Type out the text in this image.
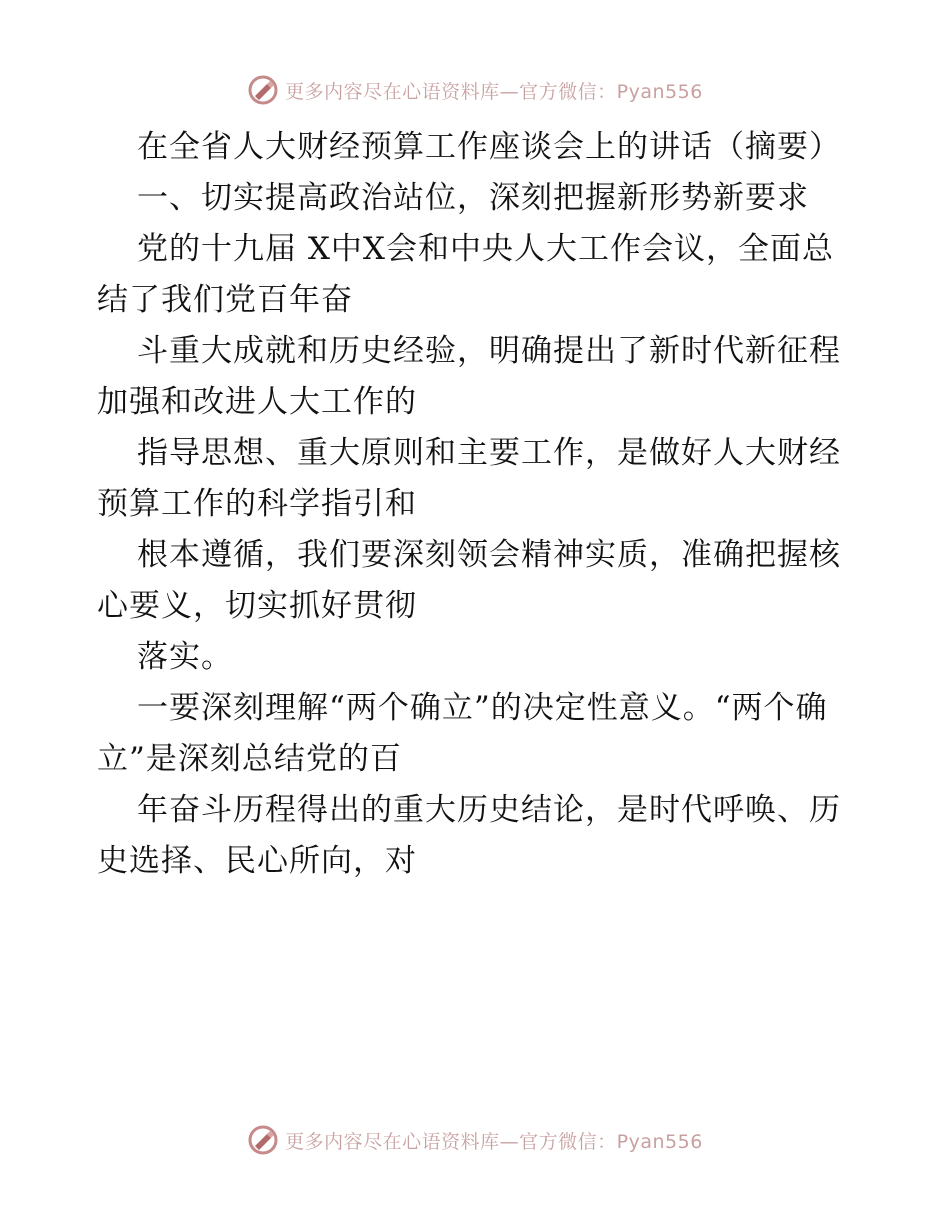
更多内容尽在心语资料库—官方微信：Pyan556

在全省人大财经预算工作座谈会上的讲话（摘要）

一、切实提高政治站位，深刻把握新形势新要求

党的十九届 X中X会和中央人大工作会议，全面总结了我们党百年奋

斗重大成就和历史经验，明确提出了新时代新征程加强和改进人大工作的

指导思想、重大原则和主要工作，是做好人大财经预算工作的科学指引和

根本遵循，我们要深刻领会精神实质，准确把握核心要义，切实抓好贯彻

落实。

一要深刻理解“两个确立”的决定性意义。“两个确立”是深刻总结党的百

年奋斗历程得出的重大历史结论，是时代呼唤、历史选择、民心所向，对

更多内容尽在心语资料库—官方微信：Pyan556
